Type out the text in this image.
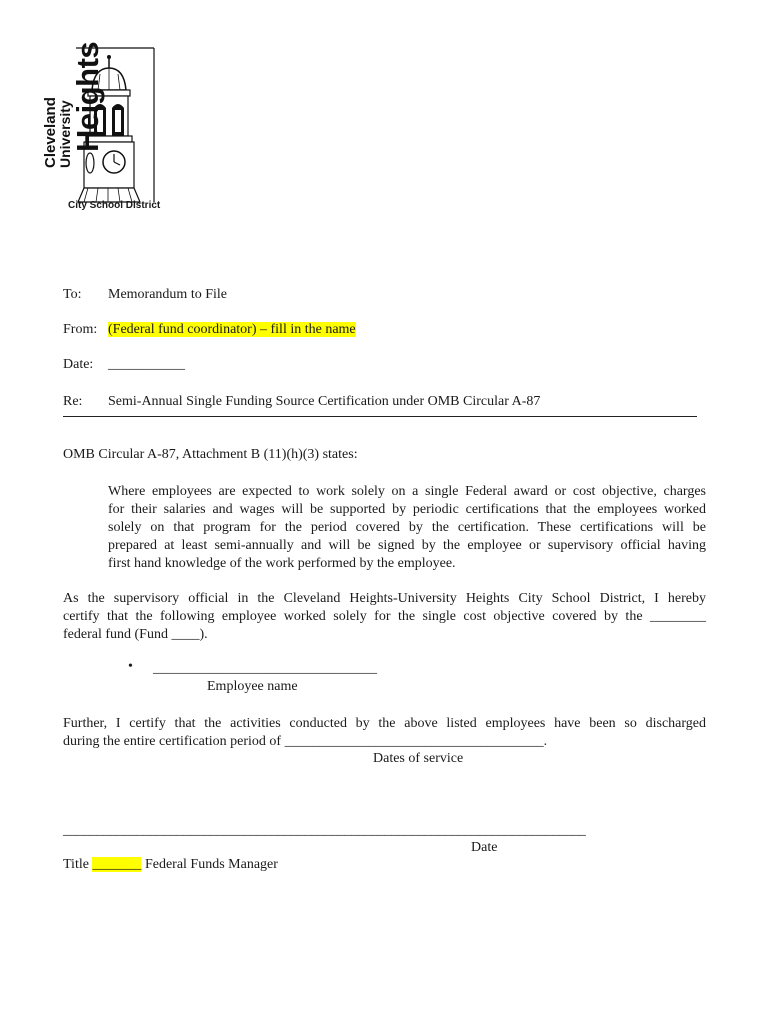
Cleveland
University
Heights
City School District
To: Memorandum to File
From: (Federal fund coordinator) – fill in the name
Date: ___________
Re: Semi-Annual Single Funding Source Certification under OMB Circular A-87
OMB Circular A-87, Attachment B (11)(h)(3) states:
Where employees are expected to work solely on a single Federal award or cost objective, charges
for their salaries and wages will be supported by periodic certifications that the employees worked
solely on that program for the period covered by the certification. These certifications will be
prepared at least semi-annually and will be signed by the employee or supervisory official having
first hand knowledge of the work performed by the employee.
As the supervisory official in the Cleveland Heights-University Heights City School District, I hereby
certify that the following employee worked solely for the single cost objective covered by the ________
federal fund (Fund ____).
• ________________________________
Employee name
Further, I certify that the activities conducted by the above listed employees have been so discharged
during the entire certification period of _____________________________________.
Dates of service
______________________________________________________________________________
Date
Title _______ Federal Funds Manager
